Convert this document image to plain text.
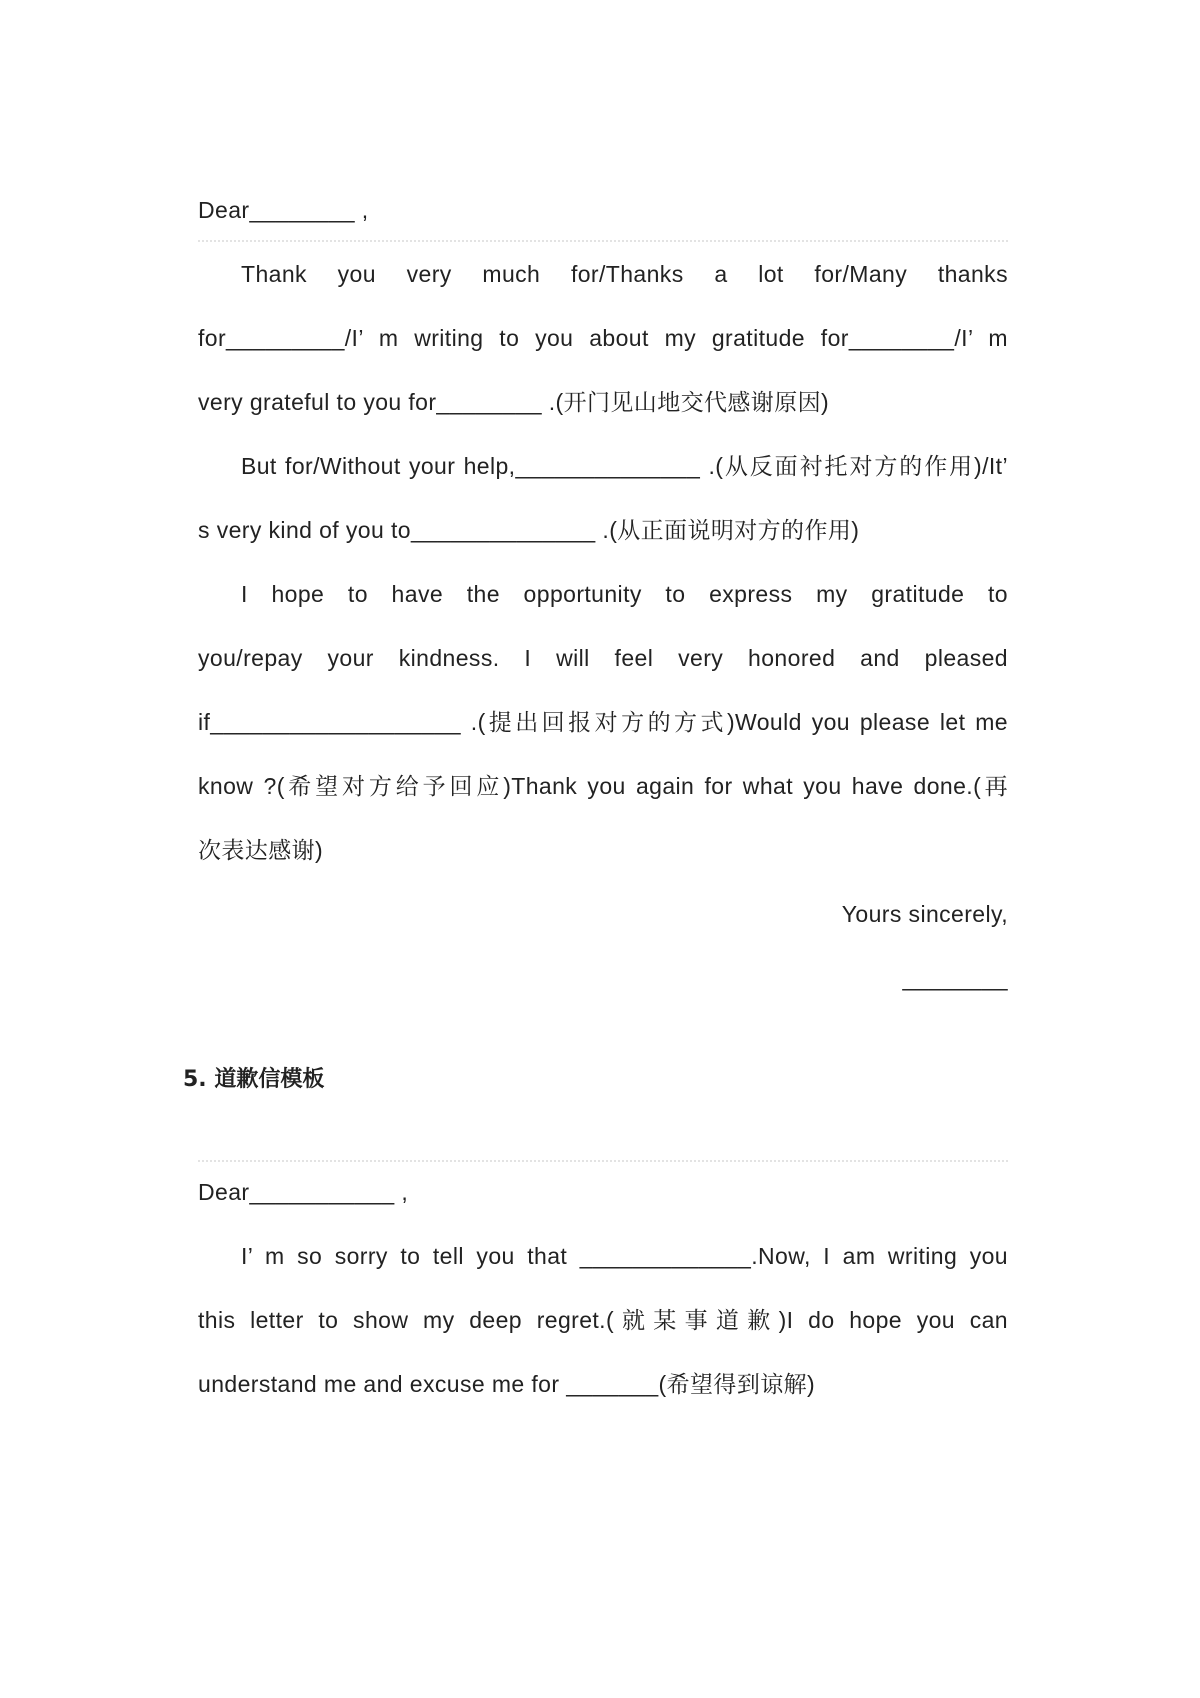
Dear________ ,
Thank you very much for/Thanks a lot for/Many thanks
for_________/I’ m writing to you about my gratitude for________/I’ m
very grateful to you for________ .(开门见山地交代感谢原因)
But for/Without your help,______________ .(从反面衬托对方的作用)/It’
s very kind of you to______________ .(从正面说明对方的作用)
I hope to have the opportunity to express my gratitude to
you/repay your kindness. I will feel very honored and pleased
if___________________ .(提出回报对方的方式)Would you please let me
know ?(希望对方给予回应)Thank you again for what you have done.(再
次表达感谢)
Yours sincerely,
________
5. 道歉信模板
Dear___________ ,
I’ m so sorry to tell you that _____________.Now, I am writing you
this letter to show my deep regret.(就某事道歉)I do hope you can
understand me and excuse me for _______(希望得到谅解)
